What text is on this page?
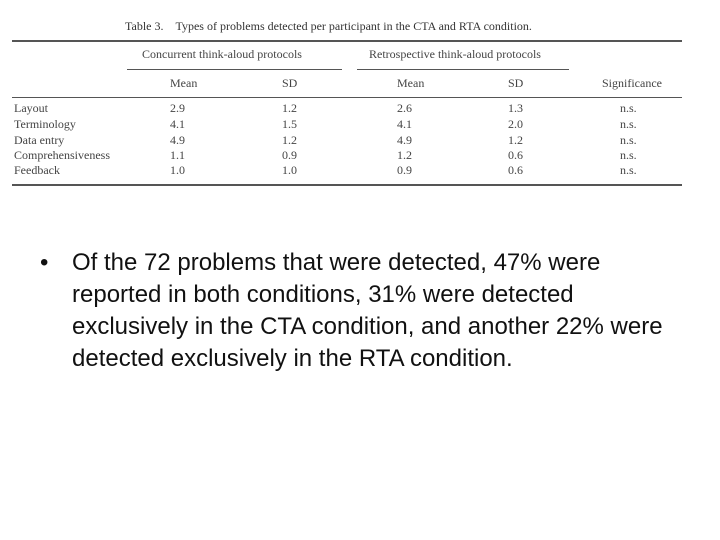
Table 3. Types of problems detected per participant in the CTA and RTA condition.
Concurrent think-aloud protocols	Retrospective think-aloud protocols
Mean	SD	Mean	SD	Significance
Layout	2.9	1.2	2.6	1.3	n.s.
Terminology	4.1	1.5	4.1	2.0	n.s.
Data entry	4.9	1.2	4.9	1.2	n.s.
Comprehensiveness	1.1	0.9	1.2	0.6	n.s.
Feedback	1.0	1.0	0.9	0.6	n.s.
• Of the 72 problems that were detected, 47% were reported in both conditions, 31% were detected exclusively in the CTA condition, and another 22% were detected exclusively in the RTA condition.
